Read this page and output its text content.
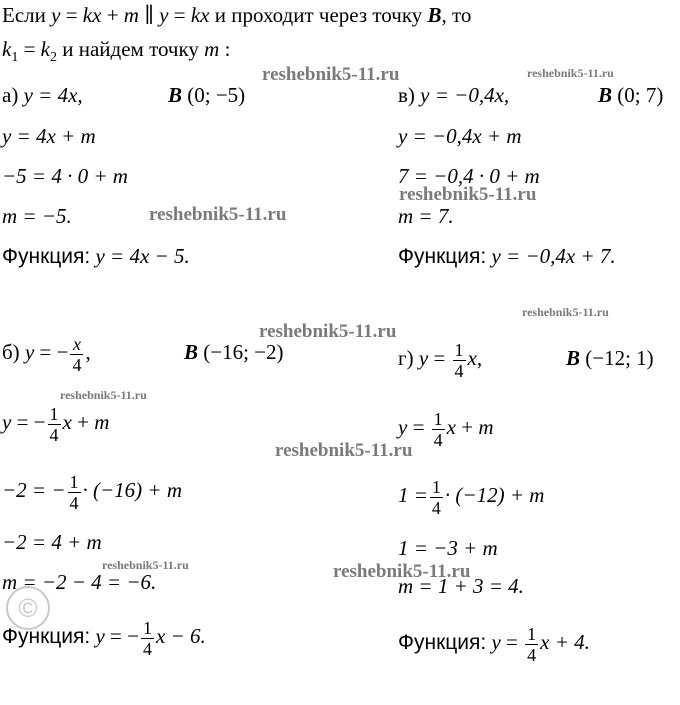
Если y = kx + m ∥ y = kx и проходит через точку B, то
$k_1 = k_2$ и найдем точку m :
а) y = 4x,	B (0; −5)
y = 4x + m
−5 = 4 · 0 + m
m = −5.
Функция: y = 4x − 5.
в) y = −0,4x,	B (0; 7)
y = −0,4x + m
7 = −0,4 · 0 + m
m = 7.
Функция: y = −0,4x + 7.
б) y = − $\frac{x}{4}$ ,	B (−16; −2)
y = − $\frac{1}{4}$ x + m
−2 = − $\frac{1}{4} \cdot (-16) + m$
−2 = 4 + m
m = −2 − 4 = −6.
Функция: y = − $\frac{1}{4}$ x − 6.
г) $y = \frac{1}{4} x$,	B (−12; 1)
$y = \frac{1}{4}$ x + m
$1 = \frac{1}{4} \cdot (-12) + m$
1 = −3 + m
m = 1 + 3 = 4.
Функция: $y = \frac{1}{4}$ x + 4.
reshebnik5-11.ru	reshebnik5-11.ru
reshebnik5-11.ru
reshebnik5-11.ru
reshebnik5-11.ru
reshebnik5-11.ru
reshebnik5-11.ru
reshebnik5-11.ru
reshebnik5-11.ru	reshebnik5-11.ru
©
